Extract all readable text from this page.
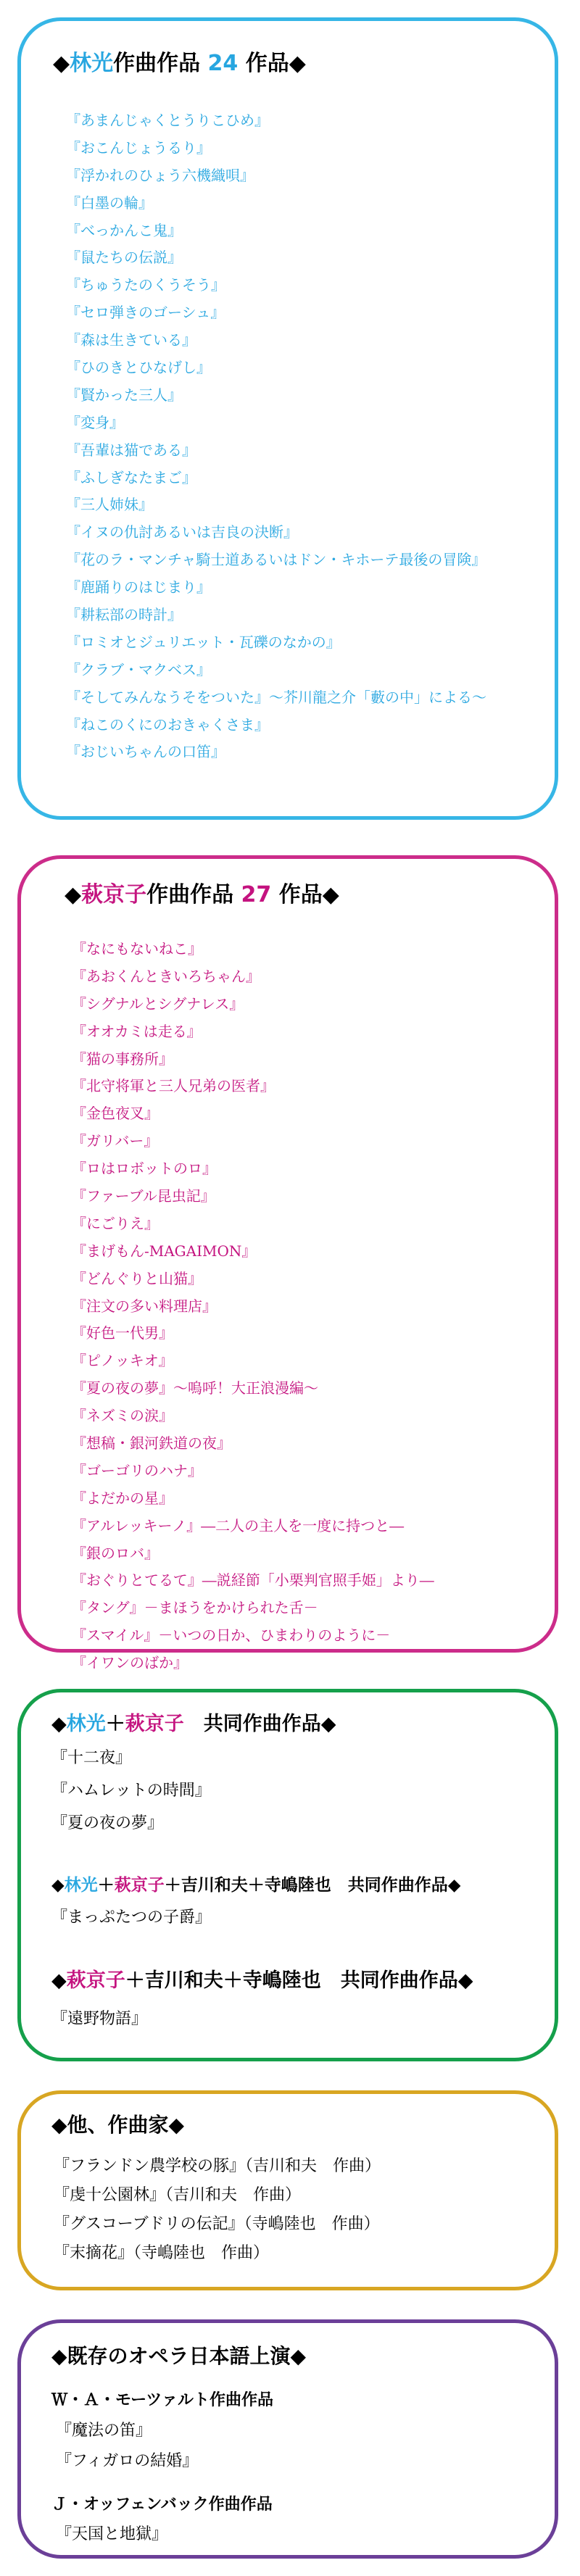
◆林光作曲作品 24 作品◆
『あまんじゃくとうりこひめ』
『おこんじょうるり』
『浮かれのひょう六機織唄』
『白墨の輪』
『べっかんこ鬼』
『鼠たちの伝説』
『ちゅうたのくうそう』
『セロ弾きのゴーシュ』
『森は生きている』
『ひのきとひなげし』
『賢かった三人』
『変身』
『吾輩は猫である』
『ふしぎなたまご』
『三人姉妹』
『イヌの仇討あるいは吉良の決断』
『花のラ・マンチャ騎士道あるいはドン・キホーテ最後の冒険』
『鹿踊りのはじまり』
『耕耘部の時計』
『ロミオとジュリエット・瓦礫のなかの』
『クラブ・マクベス』
『そしてみんなうそをついた』～芥川龍之介「藪の中」による～
『ねこのくにのおきゃくさま』
『おじいちゃんの口笛』
◆萩京子作曲作品 27 作品◆
『なにもないねこ』
『あおくんときいろちゃん』
『シグナルとシグナレス』
『オオカミは走る』
『猫の事務所』
『北守将軍と三人兄弟の医者』
『金色夜叉』
『ガリバー』
『ロはロボットのロ』
『ファーブル昆虫記』
『にごりえ』
『まげもん-MAGAIMON』
『どんぐりと山猫』
『注文の多い料理店』
『好色一代男』
『ピノッキオ』
『夏の夜の夢』～嗚呼！大正浪漫編～
『ネズミの涙』
『想稿・銀河鉄道の夜』
『ゴーゴリのハナ』
『よだかの星』
『アルレッキーノ』―二人の主人を一度に持つと―
『銀のロバ』
『おぐりとてるて』―説経節「小栗判官照手姫」より―
『タング』－まほうをかけられた舌－
『スマイル』－いつの日か、ひまわりのように－
『イワンのばか』
◆林光＋萩京子　共同作曲作品◆
『十二夜』
『ハムレットの時間』
『夏の夜の夢』
◆林光＋萩京子＋吉川和夫＋寺嶋陸也　共同作曲作品◆
『まっぷたつの子爵』
◆萩京子＋吉川和夫＋寺嶋陸也　共同作曲作品◆
『遠野物語』
◆他、作曲家◆
『フランドン農学校の豚』（吉川和夫　作曲）
『虔十公園林』（吉川和夫　作曲）
『グスコーブドリの伝記』（寺嶋陸也　作曲）
『末摘花』（寺嶋陸也　作曲）
◆既存のオペラ日本語上演◆
Ｗ・Ａ・モーツァルト作曲作品
『魔法の笛』
『フィガロの結婚』
Ｊ・オッフェンバック作曲作品
『天国と地獄』
